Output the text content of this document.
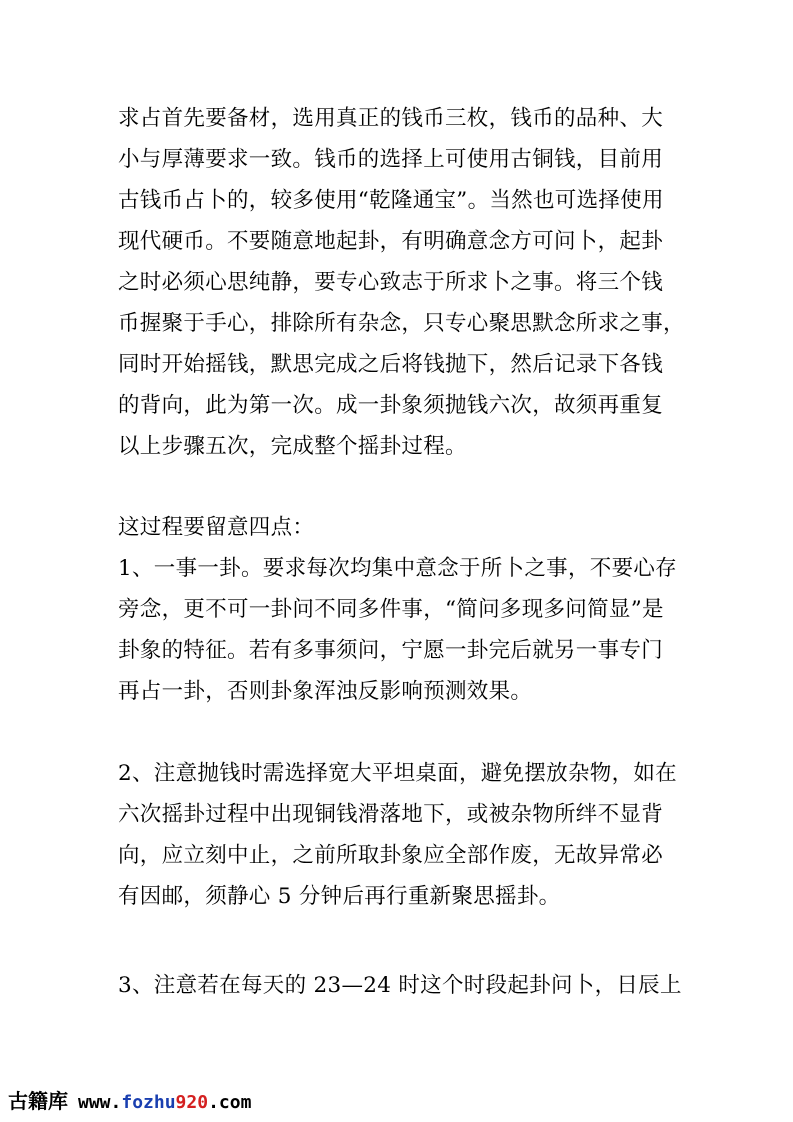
求占首先要备材，选用真正的钱币三枚，钱币的品种、大
小与厚薄要求一致。钱币的选择上可使用古铜钱，目前用
古钱币占卜的，较多使用“乾隆通宝”。当然也可选择使用
现代硬币。不要随意地起卦，有明确意念方可问卜，起卦
之时必须心思纯静，要专心致志于所求卜之事。将三个钱
币握聚于手心，排除所有杂念，只专心聚思默念所求之事，
同时开始摇钱，默思完成之后将钱抛下，然后记录下各钱
的背向，此为第一次。成一卦象须抛钱六次，故须再重复
以上步骤五次，完成整个摇卦过程。
这过程要留意四点：
1、一事一卦。要求每次均集中意念于所卜之事，不要心存
旁念，更不可一卦问不同多件事，“简问多现多问简显”是
卦象的特征。若有多事须问，宁愿一卦完后就另一事专门
再占一卦，否则卦象浑浊反影响预测效果。
2、注意抛钱时需选择宽大平坦桌面，避免摆放杂物，如在
六次摇卦过程中出现铜钱滑落地下，或被杂物所绊不显背
向，应立刻中止，之前所取卦象应全部作废，无故异常必
有因邮，须静心 5 分钟后再行重新聚思摇卦。
3、注意若在每天的 23—24 时这个时段起卦问卜，日辰上
古籍库 www. fozhu 920 .com
